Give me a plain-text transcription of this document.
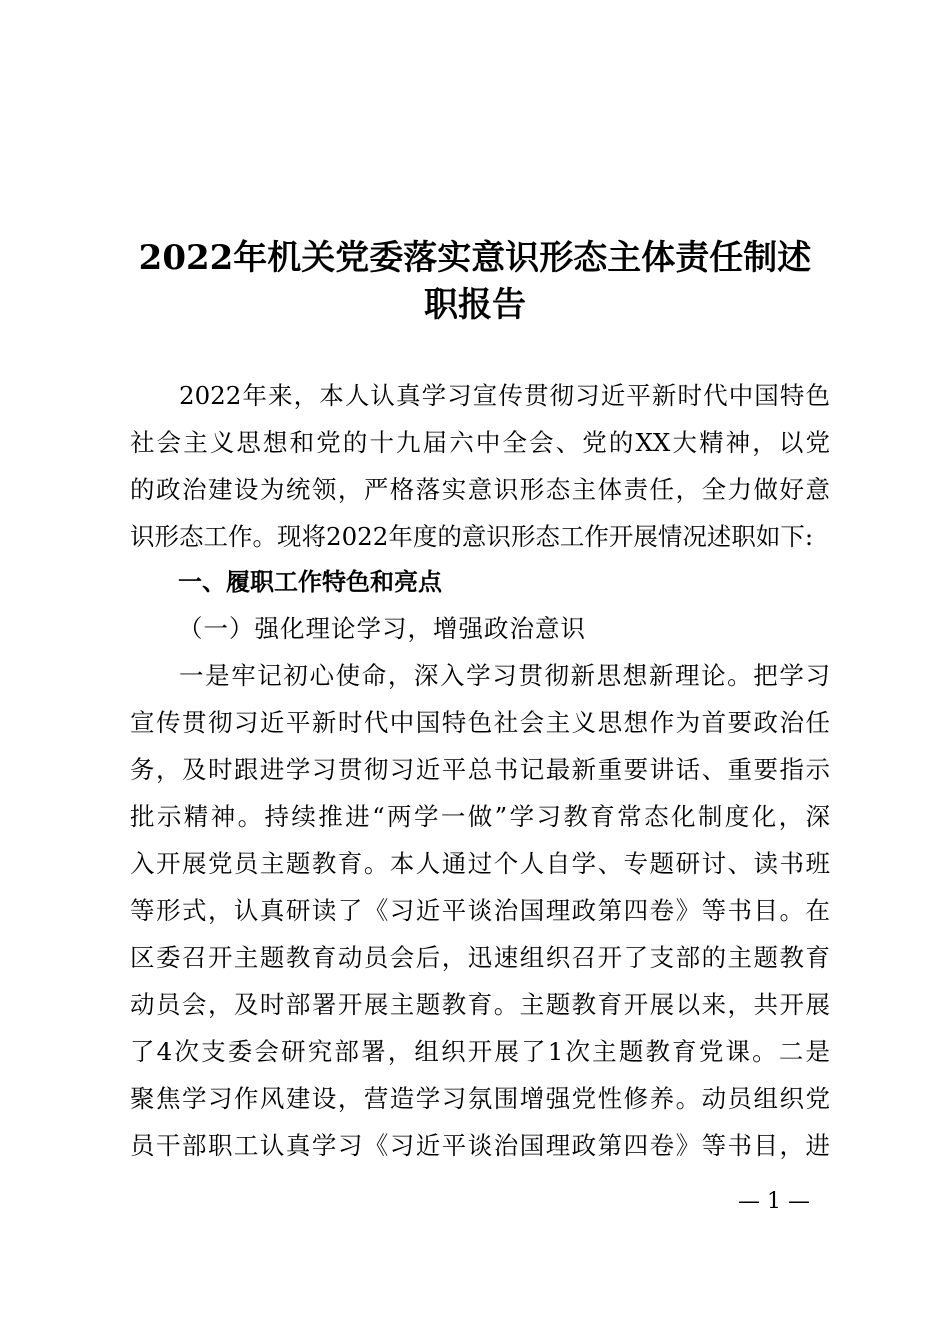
2022年机关党委落实意识形态主体责任制述
职报告
2022年来，本人认真学习宣传贯彻习近平新时代中国特色
社会主义思想和党的十九届六中全会、党的XX大精神，以党
的政治建设为统领，严格落实意识形态主体责任，全力做好意
识形态工作。现将2022年度的意识形态工作开展情况述职如下:
一、履职工作特色和亮点
（一）强化理论学习，增强政治意识
一是牢记初心使命，深入学习贯彻新思想新理论。把学习
宣传贯彻习近平新时代中国特色社会主义思想作为首要政治任
务，及时跟进学习贯彻习近平总书记最新重要讲话、重要指示
批示精神。持续推进“两学一做”学习教育常态化制度化，深
入开展党员主题教育。本人通过个人自学、专题研讨、读书班
等形式，认真研读了《习近平谈治国理政第四卷》等书目。在
区委召开主题教育动员会后，迅速组织召开了支部的主题教育
动员会，及时部署开展主题教育。主题教育开展以来，共开展
了4次支委会研究部署，组织开展了1次主题教育党课。二是
聚焦学习作风建设，营造学习氛围增强党性修养。动员组织党
员干部职工认真学习《习近平谈治国理政第四卷》等书目，进
— 1 —
